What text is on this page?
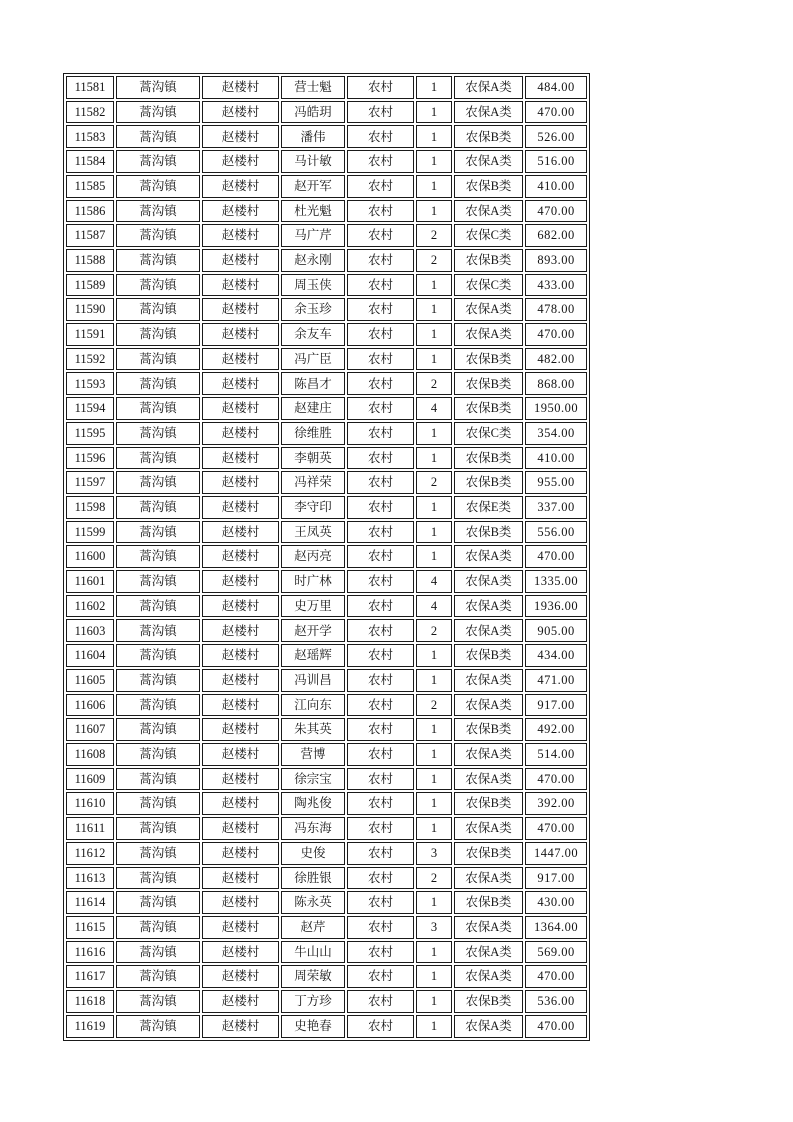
11581	蒿沟镇	赵楼村	营士魁	农村	1	农保A类	484.00
11582	蒿沟镇	赵楼村	冯皓玥	农村	1	农保A类	470.00
11583	蒿沟镇	赵楼村	潘伟	农村	1	农保B类	526.00
11584	蒿沟镇	赵楼村	马计敏	农村	1	农保A类	516.00
11585	蒿沟镇	赵楼村	赵开军	农村	1	农保B类	410.00
11586	蒿沟镇	赵楼村	杜光魁	农村	1	农保A类	470.00
11587	蒿沟镇	赵楼村	马广芹	农村	2	农保C类	682.00
11588	蒿沟镇	赵楼村	赵永刚	农村	2	农保B类	893.00
11589	蒿沟镇	赵楼村	周玉侠	农村	1	农保C类	433.00
11590	蒿沟镇	赵楼村	余玉珍	农村	1	农保A类	478.00
11591	蒿沟镇	赵楼村	余友车	农村	1	农保A类	470.00
11592	蒿沟镇	赵楼村	冯广臣	农村	1	农保B类	482.00
11593	蒿沟镇	赵楼村	陈昌才	农村	2	农保B类	868.00
11594	蒿沟镇	赵楼村	赵建庄	农村	4	农保B类	1950.00
11595	蒿沟镇	赵楼村	徐维胜	农村	1	农保C类	354.00
11596	蒿沟镇	赵楼村	李朝英	农村	1	农保B类	410.00
11597	蒿沟镇	赵楼村	冯祥荣	农村	2	农保B类	955.00
11598	蒿沟镇	赵楼村	李守印	农村	1	农保E类	337.00
11599	蒿沟镇	赵楼村	王凤英	农村	1	农保B类	556.00
11600	蒿沟镇	赵楼村	赵丙亮	农村	1	农保A类	470.00
11601	蒿沟镇	赵楼村	时广林	农村	4	农保A类	1335.00
11602	蒿沟镇	赵楼村	史万里	农村	4	农保A类	1936.00
11603	蒿沟镇	赵楼村	赵开学	农村	2	农保A类	905.00
11604	蒿沟镇	赵楼村	赵瑶辉	农村	1	农保B类	434.00
11605	蒿沟镇	赵楼村	冯训昌	农村	1	农保A类	471.00
11606	蒿沟镇	赵楼村	江向东	农村	2	农保A类	917.00
11607	蒿沟镇	赵楼村	朱其英	农村	1	农保B类	492.00
11608	蒿沟镇	赵楼村	营博	农村	1	农保A类	514.00
11609	蒿沟镇	赵楼村	徐宗宝	农村	1	农保A类	470.00
11610	蒿沟镇	赵楼村	陶兆俊	农村	1	农保B类	392.00
11611	蒿沟镇	赵楼村	冯东海	农村	1	农保A类	470.00
11612	蒿沟镇	赵楼村	史俊	农村	3	农保B类	1447.00
11613	蒿沟镇	赵楼村	徐胜银	农村	2	农保A类	917.00
11614	蒿沟镇	赵楼村	陈永英	农村	1	农保B类	430.00
11615	蒿沟镇	赵楼村	赵芹	农村	3	农保A类	1364.00
11616	蒿沟镇	赵楼村	牛山山	农村	1	农保A类	569.00
11617	蒿沟镇	赵楼村	周荣敏	农村	1	农保A类	470.00
11618	蒿沟镇	赵楼村	丁方珍	农村	1	农保B类	536.00
11619	蒿沟镇	赵楼村	史艳春	农村	1	农保A类	470.00
